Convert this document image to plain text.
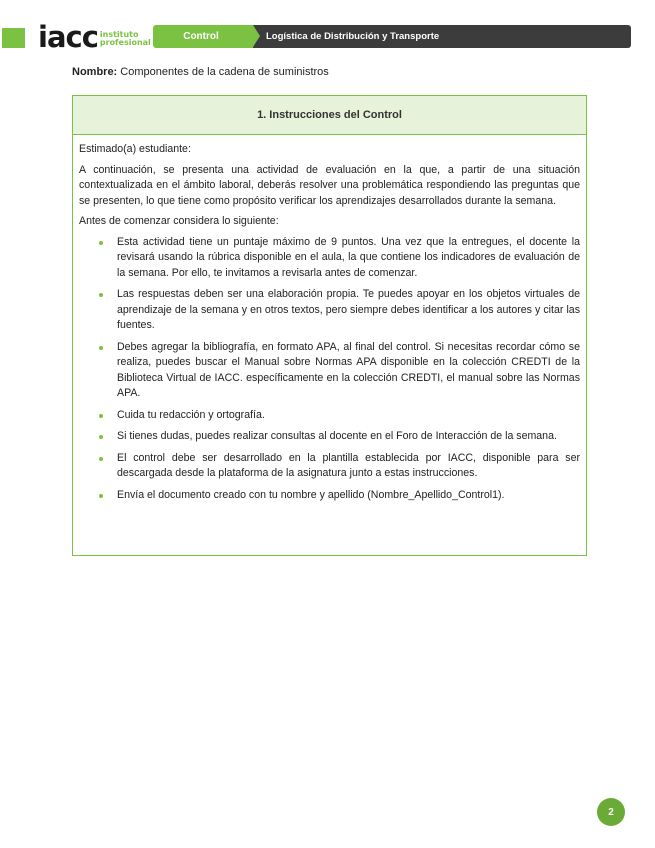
iacc instituto
profesional
Control	Logística de Distribución y Transporte
Nombre: Componentes de la cadena de suministros
1. Instrucciones del Control

Estimado(a) estudiante:

A continuación, se presenta una actividad de evaluación en la que, a partir de una situación contextualizada en el ámbito laboral, deberás resolver una problemática respondiendo las preguntas que se presenten, lo que tiene como propósito verificar los aprendizajes desarrollados durante la semana.

Antes de comenzar considera lo siguiente:

Esta actividad tiene un puntaje máximo de 9 puntos. Una vez que la entregues, el docente la revisará usando la rúbrica disponible en el aula, la que contiene los indicadores de evaluación de la semana. Por ello, te invitamos a revisarla antes de comenzar.
Las respuestas deben ser una elaboración propia. Te puedes apoyar en los objetos virtuales de aprendizaje de la semana y en otros textos, pero siempre debes identificar a los autores y citar las fuentes.
Debes agregar la bibliografía, en formato APA, al final del control. Si necesitas recordar cómo se realiza, puedes buscar el Manual sobre Normas APA disponible en la colección CREDTI de la Biblioteca Virtual de IACC. específicamente en la colección CREDTI, el manual sobre las Normas APA.
Cuida tu redacción y ortografía.
Si tienes dudas, puedes realizar consultas al docente en el Foro de Interacción de la semana.
El control debe ser desarrollado en la plantilla establecida por IACC, disponible para ser descargada desde la plataforma de la asignatura junto a estas instrucciones.
Envía el documento creado con tu nombre y apellido (Nombre_Apellido_Control1).
2
